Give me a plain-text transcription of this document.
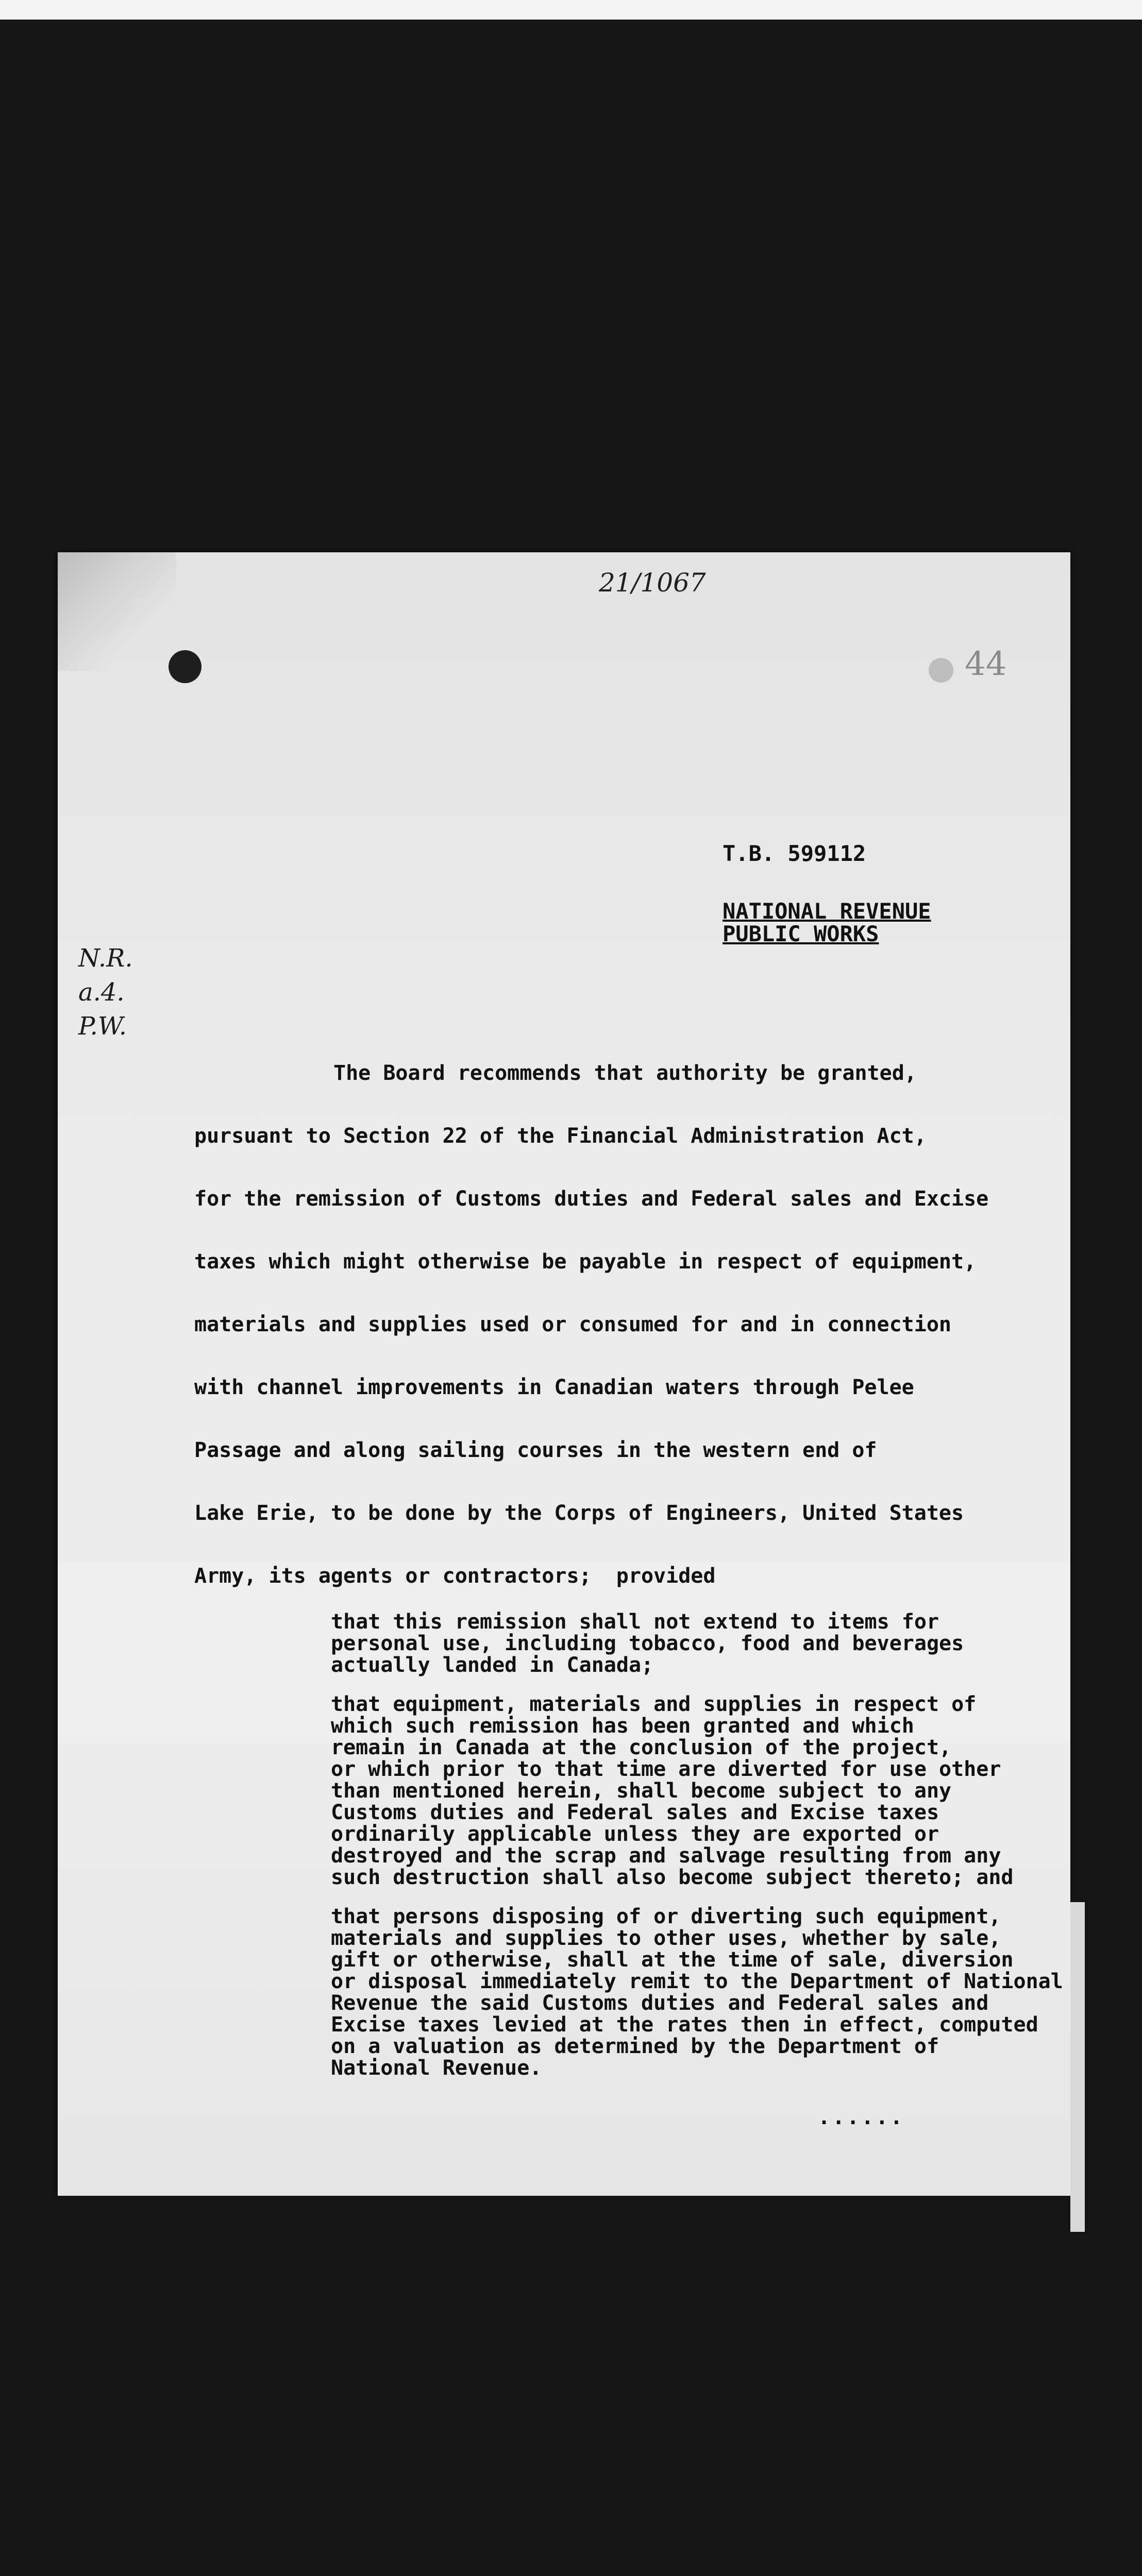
21/1067
44
T.B. 599112
NATIONAL REVENUE
PUBLIC WORKS
N.R.
a.4.
P.W.
The Board recommends that authority be granted,
pursuant to Section 22 of the Financial Administration Act,
for the remission of Customs duties and Federal sales and Excise
taxes which might otherwise be payable in respect of equipment,
materials and supplies used or consumed for and in connection
with channel improvements in Canadian waters through Pelee
Passage and along sailing courses in the western end of
Lake Erie, to be done by the Corps of Engineers, United States
Army, its agents or contractors;  provided
that this remission shall not extend to items for
personal use, including tobacco, food and beverages
actually landed in Canada;
that equipment, materials and supplies in respect of
which such remission has been granted and which
remain in Canada at the conclusion of the project,
or which prior to that time are diverted for use other
than mentioned herein, shall become subject to any
Customs duties and Federal sales and Excise taxes
ordinarily applicable unless they are exported or
destroyed and the scrap and salvage resulting from any
such destruction shall also become subject thereto; and
that persons disposing of or diverting such equipment,
materials and supplies to other uses, whether by sale,
gift or otherwise, shall at the time of sale, diversion
or disposal immediately remit to the Department of National
Revenue the said Customs duties and Federal sales and
Excise taxes levied at the rates then in effect, computed
on a valuation as determined by the Department of
National Revenue.
......
